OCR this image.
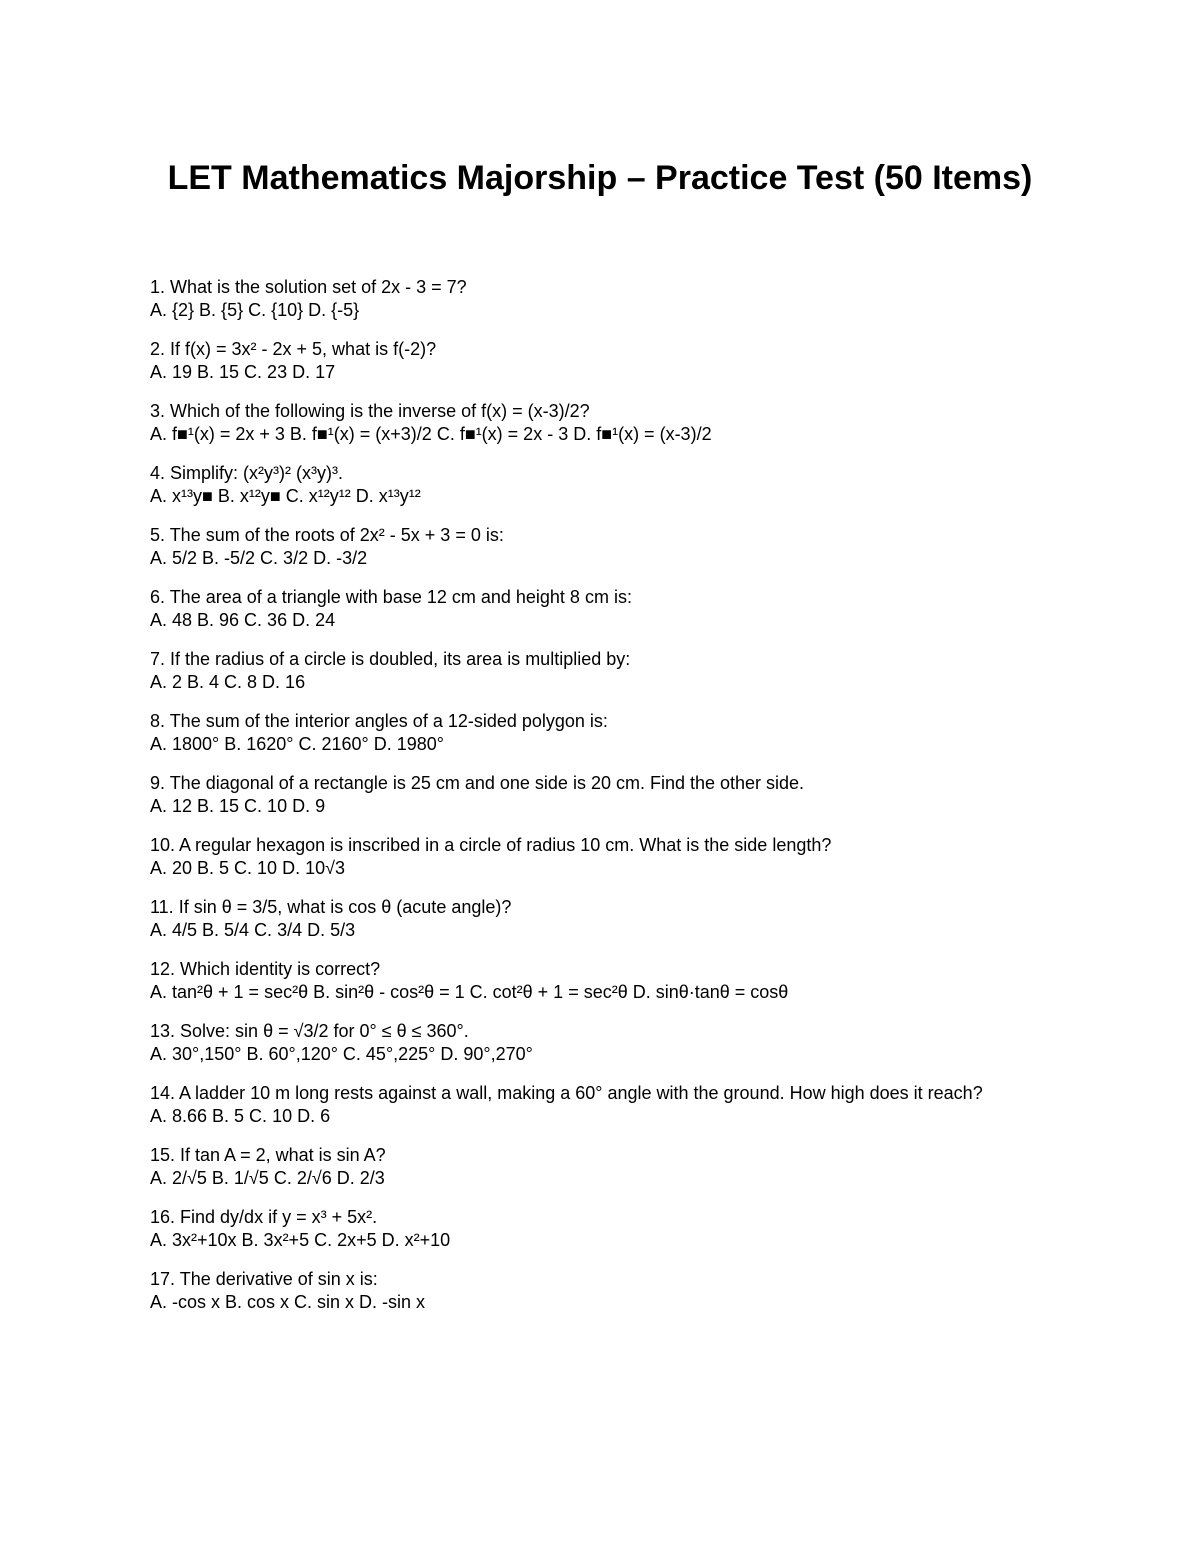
LET Mathematics Majorship – Practice Test (50 Items)
1. What is the solution set of 2x - 3 = 7?
A. {2} B. {5} C. {10} D. {-5}
2. If f(x) = 3x² - 2x + 5, what is f(-2)?
A. 19 B. 15 C. 23 D. 17
3. Which of the following is the inverse of f(x) = (x-3)/2?
A. f■¹(x) = 2x + 3 B. f■¹(x) = (x+3)/2 C. f■¹(x) = 2x - 3 D. f■¹(x) = (x-3)/2
4. Simplify: (x²y³)² (x³y)³.
A. x¹³y■ B. x¹²y■ C. x¹²y¹² D. x¹³y¹²
5. The sum of the roots of 2x² - 5x + 3 = 0 is:
A. 5/2 B. -5/2 C. 3/2 D. -3/2
6. The area of a triangle with base 12 cm and height 8 cm is:
A. 48 B. 96 C. 36 D. 24
7. If the radius of a circle is doubled, its area is multiplied by:
A. 2 B. 4 C. 8 D. 16
8. The sum of the interior angles of a 12-sided polygon is:
A. 1800° B. 1620° C. 2160° D. 1980°
9. The diagonal of a rectangle is 25 cm and one side is 20 cm. Find the other side.
A. 12 B. 15 C. 10 D. 9
10. A regular hexagon is inscribed in a circle of radius 10 cm. What is the side length?
A. 20 B. 5 C. 10 D. 10√3
11. If sin θ = 3/5, what is cos θ (acute angle)?
A. 4/5 B. 5/4 C. 3/4 D. 5/3
12. Which identity is correct?
A. tan²θ + 1 = sec²θ B. sin²θ - cos²θ = 1 C. cot²θ + 1 = sec²θ D. sinθ·tanθ = cosθ
13. Solve: sin θ = √3/2 for 0° ≤ θ ≤ 360°.
A. 30°,150° B. 60°,120° C. 45°,225° D. 90°,270°
14. A ladder 10 m long rests against a wall, making a 60° angle with the ground. How high does it reach?
A. 8.66 B. 5 C. 10 D. 6
15. If tan A = 2, what is sin A?
A. 2/√5 B. 1/√5 C. 2/√6 D. 2/3
16. Find dy/dx if y = x³ + 5x².
A. 3x²+10x B. 3x²+5 C. 2x+5 D. x²+10
17. The derivative of sin x is:
A. -cos x B. cos x C. sin x D. -sin x
